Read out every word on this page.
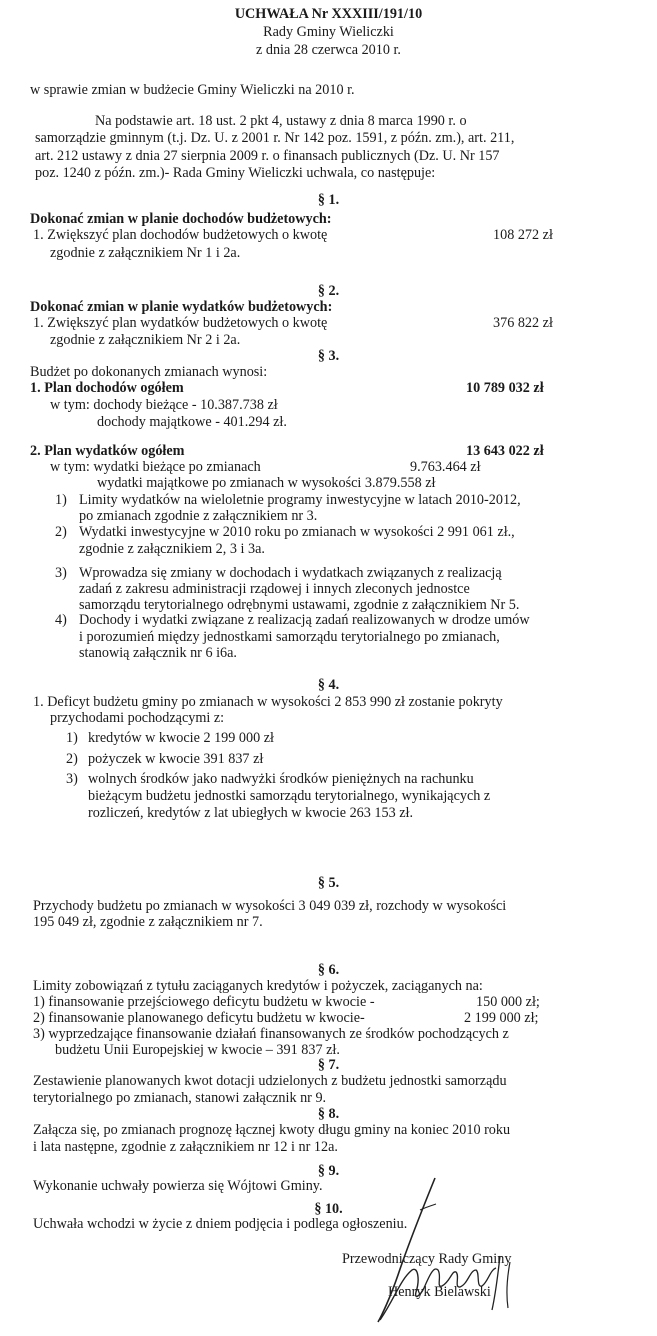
UCHWAŁA Nr XXXIII/191/10
Rady Gminy Wieliczki
z dnia 28 czerwca 2010 r.
w sprawie zmian w budżecie Gminy Wieliczki na 2010 r.
Na podstawie art. 18 ust. 2 pkt 4, ustawy z dnia 8 marca 1990 r. o
samorządzie gminnym (t.j. Dz. U. z 2001 r. Nr 142 poz. 1591, z późn. zm.), art. 211,
art. 212 ustawy z dnia 27 sierpnia 2009 r. o finansach publicznych (Dz. U. Nr 157
poz. 1240 z późn. zm.)- Rada Gminy Wieliczki uchwala, co następuje:
§ 1.
Dokonać zmian w planie dochodów budżetowych:
1. Zwiększyć plan dochodów budżetowych o kwotę	108 272 zł
zgodnie z załącznikiem Nr 1 i 2a.
§ 2.
Dokonać zmian w planie wydatków budżetowych:
1. Zwiększyć plan wydatków budżetowych o kwotę	376 822 zł
zgodnie z załącznikiem Nr 2 i 2a.
§ 3.
Budżet po dokonanych zmianach wynosi:
1. Plan dochodów ogółem	10 789 032 zł
w tym: dochody bieżące - 10.387.738 zł
dochody majątkowe - 401.294 zł.
2. Plan wydatków ogółem	13 643 022 zł
w tym: wydatki bieżące po zmianach	9.763.464 zł
wydatki majątkowe po zmianach w wysokości 3.879.558 zł
1) Limity wydatków na wieloletnie programy inwestycyjne w latach 2010-2012,
po zmianach zgodnie z załącznikiem nr 3.
2) Wydatki inwestycyjne w 2010 roku po zmianach w wysokości 2 991 061 zł.,
zgodnie z załącznikiem 2, 3 i 3a.
3) Wprowadza się zmiany w dochodach i wydatkach związanych z realizacją
zadań z zakresu administracji rządowej i innych zleconych jednostce
samorządu terytorialnego odrębnymi ustawami, zgodnie z załącznikiem Nr 5.
4) Dochody i wydatki związane z realizacją zadań realizowanych w drodze umów
i porozumień między jednostkami samorządu terytorialnego po zmianach,
stanowią załącznik nr 6 i6a.
§ 4.
1. Deficyt budżetu gminy po zmianach w wysokości 2 853 990 zł zostanie pokryty
przychodami pochodzącymi z:
1) kredytów w kwocie 2 199 000 zł
2) pożyczek w kwocie 391 837 zł
3) wolnych środków jako nadwyżki środków pieniężnych na rachunku
bieżącym budżetu jednostki samorządu terytorialnego, wynikających z
rozliczeń, kredytów z lat ubiegłych w kwocie 263 153 zł.
§ 5.
Przychody budżetu po zmianach w wysokości 3 049 039 zł, rozchody w wysokości
195 049 zł, zgodnie z załącznikiem nr 7.
§ 6.
Limity zobowiązań z tytułu zaciąganych kredytów i pożyczek, zaciąganych na:
1) finansowanie przejściowego deficytu budżetu w kwocie -	150 000 zł;
2) finansowanie planowanego deficytu budżetu w kwocie-	2 199 000 zł;
3) wyprzedzające finansowanie działań finansowanych ze środków pochodzących z
budżetu Unii Europejskiej w kwocie – 391 837 zł.
§ 7.
Zestawienie planowanych kwot dotacji udzielonych z budżetu jednostki samorządu
terytorialnego po zmianach, stanowi załącznik nr 9.
§ 8.
Załącza się, po zmianach prognozę łącznej kwoty długu gminy na koniec 2010 roku
i lata następne, zgodnie z załącznikiem nr 12 i nr 12a.
§ 9.
Wykonanie uchwały powierza się Wójtowi Gminy.
§ 10.
Uchwała wchodzi w życie z dniem podjęcia i podlega ogłoszeniu.
Przewodniczący Rady Gminy
Henryk Bielawski
